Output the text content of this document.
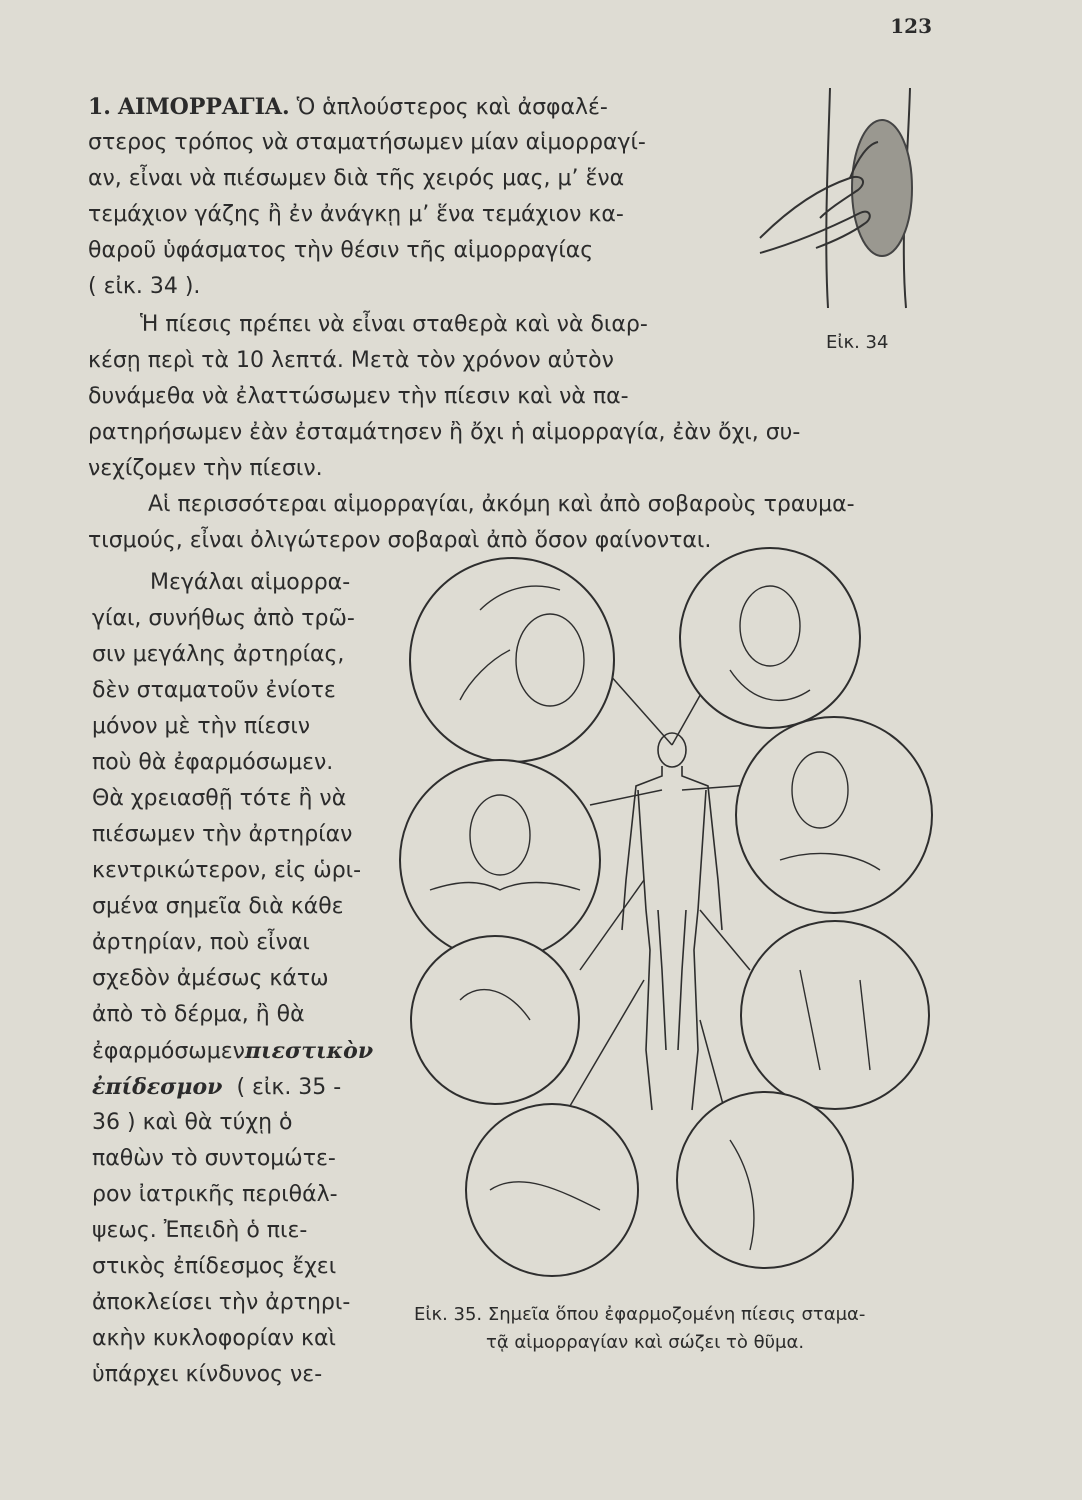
123
1. ΑΙΜΟΡΡΑΓΙΑ. Ὁ ἁπλούστερος καὶ ἀσφαλέ-
στερος τρόπος νὰ σταματήσωμεν μίαν αἱμορραγί-
αν, εἶναι νὰ πιέσωμεν διὰ τῆς χειρός μας, μ’ ἕνα
τεμάχιον γάζης ἢ ἐν ἀνάγκῃ μ’ ἕνα τεμάχιον κα-
θαροῦ ὑφάσματος τὴν θέσιν τῆς αἱμορραγίας
( εἰκ. 34 ).
Ἡ πίεσις πρέπει νὰ εἶναι σταθερὰ καὶ νὰ διαρ-
κέσῃ περὶ τὰ 10 λεπτά. Μετὰ τὸν χρόνον αὐτὸν
δυνάμεθα νὰ ἐλαττώσωμεν τὴν πίεσιν καὶ νὰ πα-
ρατηρήσωμεν ἐὰν ἐσταμάτησεν ἢ ὄχι ἡ αἱμορραγία, ἐὰν ὄχι, συ-
νεχίζομεν τὴν πίεσιν.
Αἱ περισσότεραι αἱμορραγίαι, ἀκόμη καὶ ἀπὸ σοβαροὺς τραυμα-
τισμούς, εἶναι ὀλιγώτερον σοβαραὶ ἀπὸ ὅσον φαίνονται.
Μεγάλαι αἱμορρα-
γίαι, συνήθως ἀπὸ τρῶ-
σιν μεγάλης ἀρτηρίας,
δὲν σταματοῦν ἐνίοτε
μόνον μὲ τὴν πίεσιν
ποὺ θὰ ἐφαρμόσωμεν.
Θὰ χρειασθῇ τότε ἢ νὰ
πιέσωμεν τὴν ἀρτηρίαν
κεντρικώτερον, εἰς ὡρι-
σμένα σημεῖα διὰ κάθε
ἀρτηρίαν, ποὺ εἶναι
σχεδὸν ἀμέσως κάτω
ἀπὸ τὸ δέρμα, ἢ θὰ
ἐφαρμόσωμενπιεστικὸν
ἐπίδεσμον ( εἰκ. 35 -
36 ) καὶ θὰ τύχῃ ὁ
παθὼν τὸ συντομώτε-
ρον ἰατρικῆς περιθάλ-
ψεως. Ἐπειδὴ ὁ πιε-
στικὸς ἐπίδεσμος ἔχει
ἀποκλείσει τὴν ἀρτηρι-
ακὴν κυκλοφορίαν καὶ
ὑπάρχει κίνδυνος νε-
Εἰκ. 34
Εἰκ. 35. Σημεῖα ὅπου ἐφαρμοζομένη πίεσις σταμα-
τᾷ αἱμορραγίαν καὶ σώζει τὸ θῦμα.
